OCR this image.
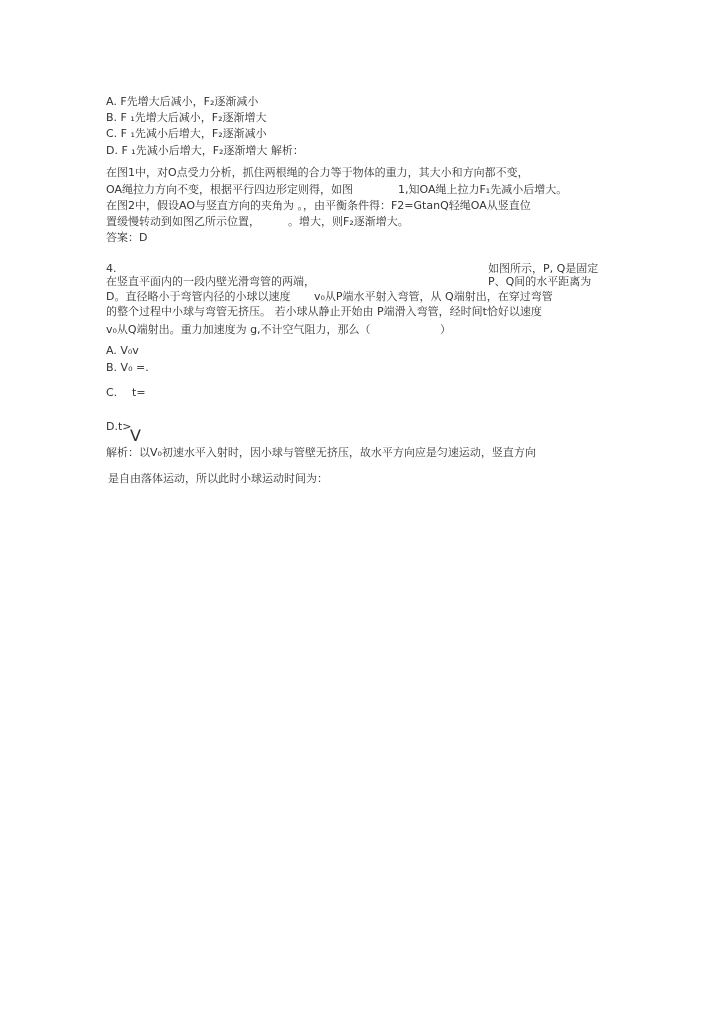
A. F先增大后减小，F₂逐渐减小
B. F ₁先增大后减小，F₂逐渐增大
C. F ₁先减小后增大，F₂逐渐减小
D. F ₁先减小后增大，F₂逐渐增大 解析：
在图1中，对O点受力分析，抓住两根绳的合力等于物体的重力，其大小和方向都不变，
OA绳拉力方向不变，根据平行四边形定则得，如图	1,知OA绳上拉力F₁先减小后增大。
在图2中，假设AO与竖直方向的夹角为 。，由平衡条件得：F2=GtanQ轻绳OA从竖直位
置缓慢转动到如图乙所示位置，	。增大，则F₂逐渐增大。
答案：D
4.	如图所示，P, Q是固定
在竖直平面内的一段内壁光滑弯管的两端，	P、Q间的水平距离为
D。直径略小于弯管内径的小球以速度 v₀从P端水平射入弯管，从 Q端射出，在穿过弯管
的整个过程中小球与弯管无挤压。 若小球从静止开始由 P端滑入弯管，经时间t恰好以速度
v₀从Q端射出。重力加速度为 g,不计空气阻力，那么（	）
A. V₀v
B. V₀ =.
C. t=
D.t>
V
解析：以V₀初速水平入射时，因小球与管壁无挤压，故水平方向应是匀速运动，竖直方向
是自由落体运动，所以此时小球运动时间为：
